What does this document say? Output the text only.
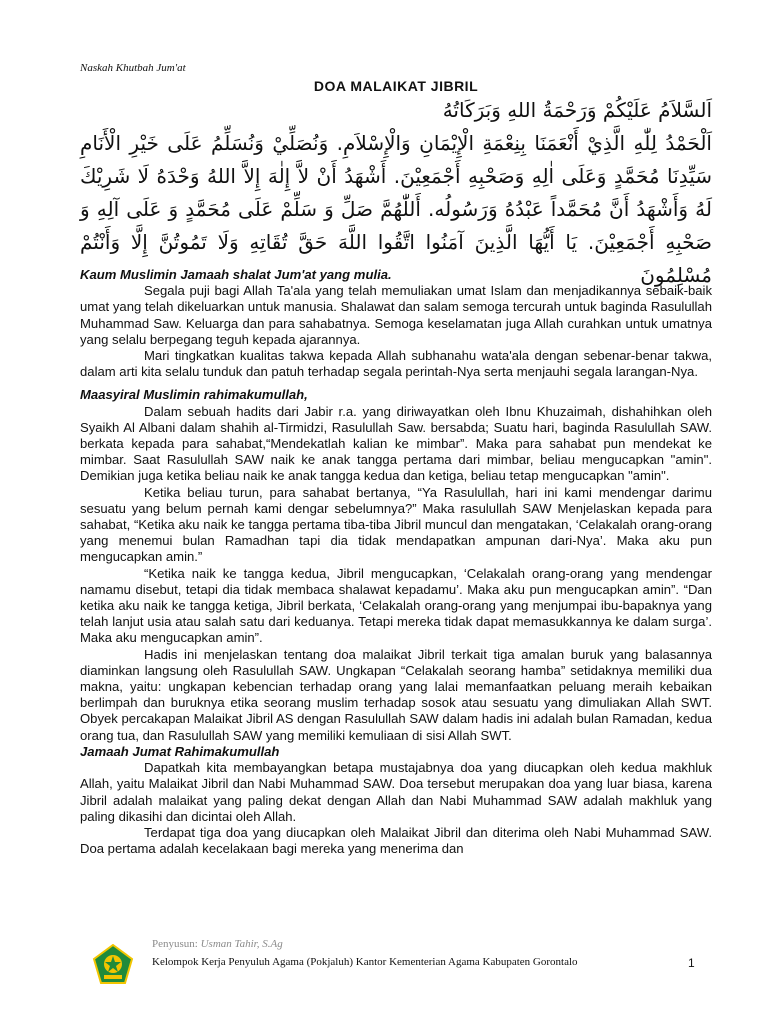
Naskah Khutbah Jum'at
DOA MALAIKAT JIBRIL
اَلسَّلاَمُ عَلَيْكُمْ وَرَحْمَةُ اللهِ وَبَرَكَاتُهُ
اَلْحَمْدُ لِلّٰهِ الَّذِيْ أَنْعَمَنَا بِنِعْمَةِ الْإِيْمَانِ وَالْإِسْلاَمِ. وَنُصَلِّيْ وَنُسَلِّمُ عَلَى خَيْرِ الْأَنَامِ سَيِّدِنَا مُحَمَّدٍ وَعَلَى اٰلِهِ وَصَحْبِهِ أَجْمَعِيْنَ. أَشْهَدُ أَنْ لاَّ إِلٰهَ إِلاَّ اللهُ وَحْدَهُ لَا شَرِيْكَ لَهُ وَأَشْهَدُ أَنَّ مُحَمَّداً عَبْدُهُ وَرَسُولُه. أَللّٰهُمَّ صَلِّ وَ سَلِّمْ عَلَى مُحَمَّدٍ وَ عَلَى آلِهِ وَ صَحْبِهِ أَجْمَعِيْنَ. يَا أَيُّهَا الَّذِينَ آمَنُوا اتَّقُوا اللَّهَ حَقَّ تُقَاتِهِ وَلَا تَمُوتُنَّ إِلَّا وَأَنْتُمْ مُسْلِمُونَ
Kaum Muslimin Jamaah shalat Jum'at yang mulia.

Segala puji bagi Allah Ta'ala yang telah memuliakan umat Islam dan menjadikannya sebaik-baik umat yang telah dikeluarkan untuk manusia. Shalawat dan salam semoga tercurah untuk baginda Rasulullah Muhammad Saw. Keluarga dan para sahabatnya. Semoga keselamatan juga Allah curahkan untuk umatnya yang selalu berpegang teguh kepada ajarannya.

Mari tingkatkan kualitas takwa kepada Allah subhanahu wata'ala dengan sebenar-benar takwa, dalam arti kita selalu tunduk dan patuh terhadap segala perintah-Nya serta menjauhi segala larangan-Nya.

Maasyiral Muslimin rahimakumullah,

Dalam sebuah hadits dari Jabir r.a. yang diriwayatkan oleh Ibnu Khuzaimah, dishahihkan oleh Syaikh Al Albani dalam shahih al-Tirmidzi, Rasulullah Saw. bersabda; Suatu hari, baginda Rasulullah SAW. berkata kepada para sahabat,“Mendekatlah kalian ke mimbar”. Maka para sahabat pun mendekat ke mimbar. Saat Rasulullah SAW naik ke anak tangga pertama dari mimbar, beliau mengucapkan "amin". Demikian juga ketika beliau naik ke anak tangga kedua dan ketiga, beliau tetap mengucapkan "amin".

Ketika beliau turun, para sahabat bertanya, “Ya Rasulullah, hari ini kami mendengar darimu sesuatu yang belum pernah kami dengar sebelumnya?” Maka rasulullah SAW Menjelaskan kepada para sahabat, “Ketika aku naik ke tangga pertama tiba-tiba Jibril muncul dan mengatakan, ‘Celakalah orang-orang yang menemui bulan Ramadhan tapi dia tidak mendapatkan ampunan dari-Nya’. Maka aku pun mengucapkan amin.”

“Ketika naik ke tangga kedua, Jibril mengucapkan, ‘Celakalah orang-orang yang mendengar namamu disebut, tetapi dia tidak membaca shalawat kepadamu’. Maka aku pun mengucapkan amin”. “Dan ketika aku naik ke tangga ketiga, Jibril berkata, ‘Celakalah orang-orang yang menjumpai ibu-bapaknya yang telah lanjut usia atau salah satu dari keduanya. Tetapi mereka tidak dapat memasukkannya ke dalam surga’. Maka aku mengucapkan amin”.

Hadis ini menjelaskan tentang doa malaikat Jibril terkait tiga amalan buruk yang balasannya diaminkan langsung oleh Rasulullah SAW. Ungkapan “Celakalah seorang hamba” setidaknya memiliki dua makna, yaitu: ungkapan kebencian terhadap orang yang lalai memanfaatkan peluang meraih kebaikan berlimpah dan buruknya etika seorang muslim terhadap sosok atau sesuatu yang dimuliakan Allah SWT. Obyek percakapan Malaikat Jibril AS dengan Rasulullah SAW dalam hadis ini adalah bulan Ramadan, kedua orang tua, dan Rasulullah SAW yang memiliki kemuliaan di sisi Allah SWT.

Jamaah Jumat Rahimakumullah

Dapatkah kita membayangkan betapa mustajabnya doa yang diucapkan oleh kedua makhluk Allah, yaitu Malaikat Jibril dan Nabi Muhammad SAW. Doa tersebut merupakan doa yang luar biasa, karena Jibril adalah malaikat yang paling dekat dengan Allah dan Nabi Muhammad SAW adalah makhluk yang paling dikasihi dan dicintai oleh Allah.

Terdapat tiga doa yang diucapkan oleh Malaikat Jibril dan diterima oleh Nabi Muhammad SAW. Doa pertama adalah kecelakaan bagi mereka yang menerima dan

Penyusun: Usman Tahir, S.Ag
Kelompok Kerja Penyuluh Agama (Pokjaluh) Kantor Kementerian Agama Kabupaten Gorontalo	1
